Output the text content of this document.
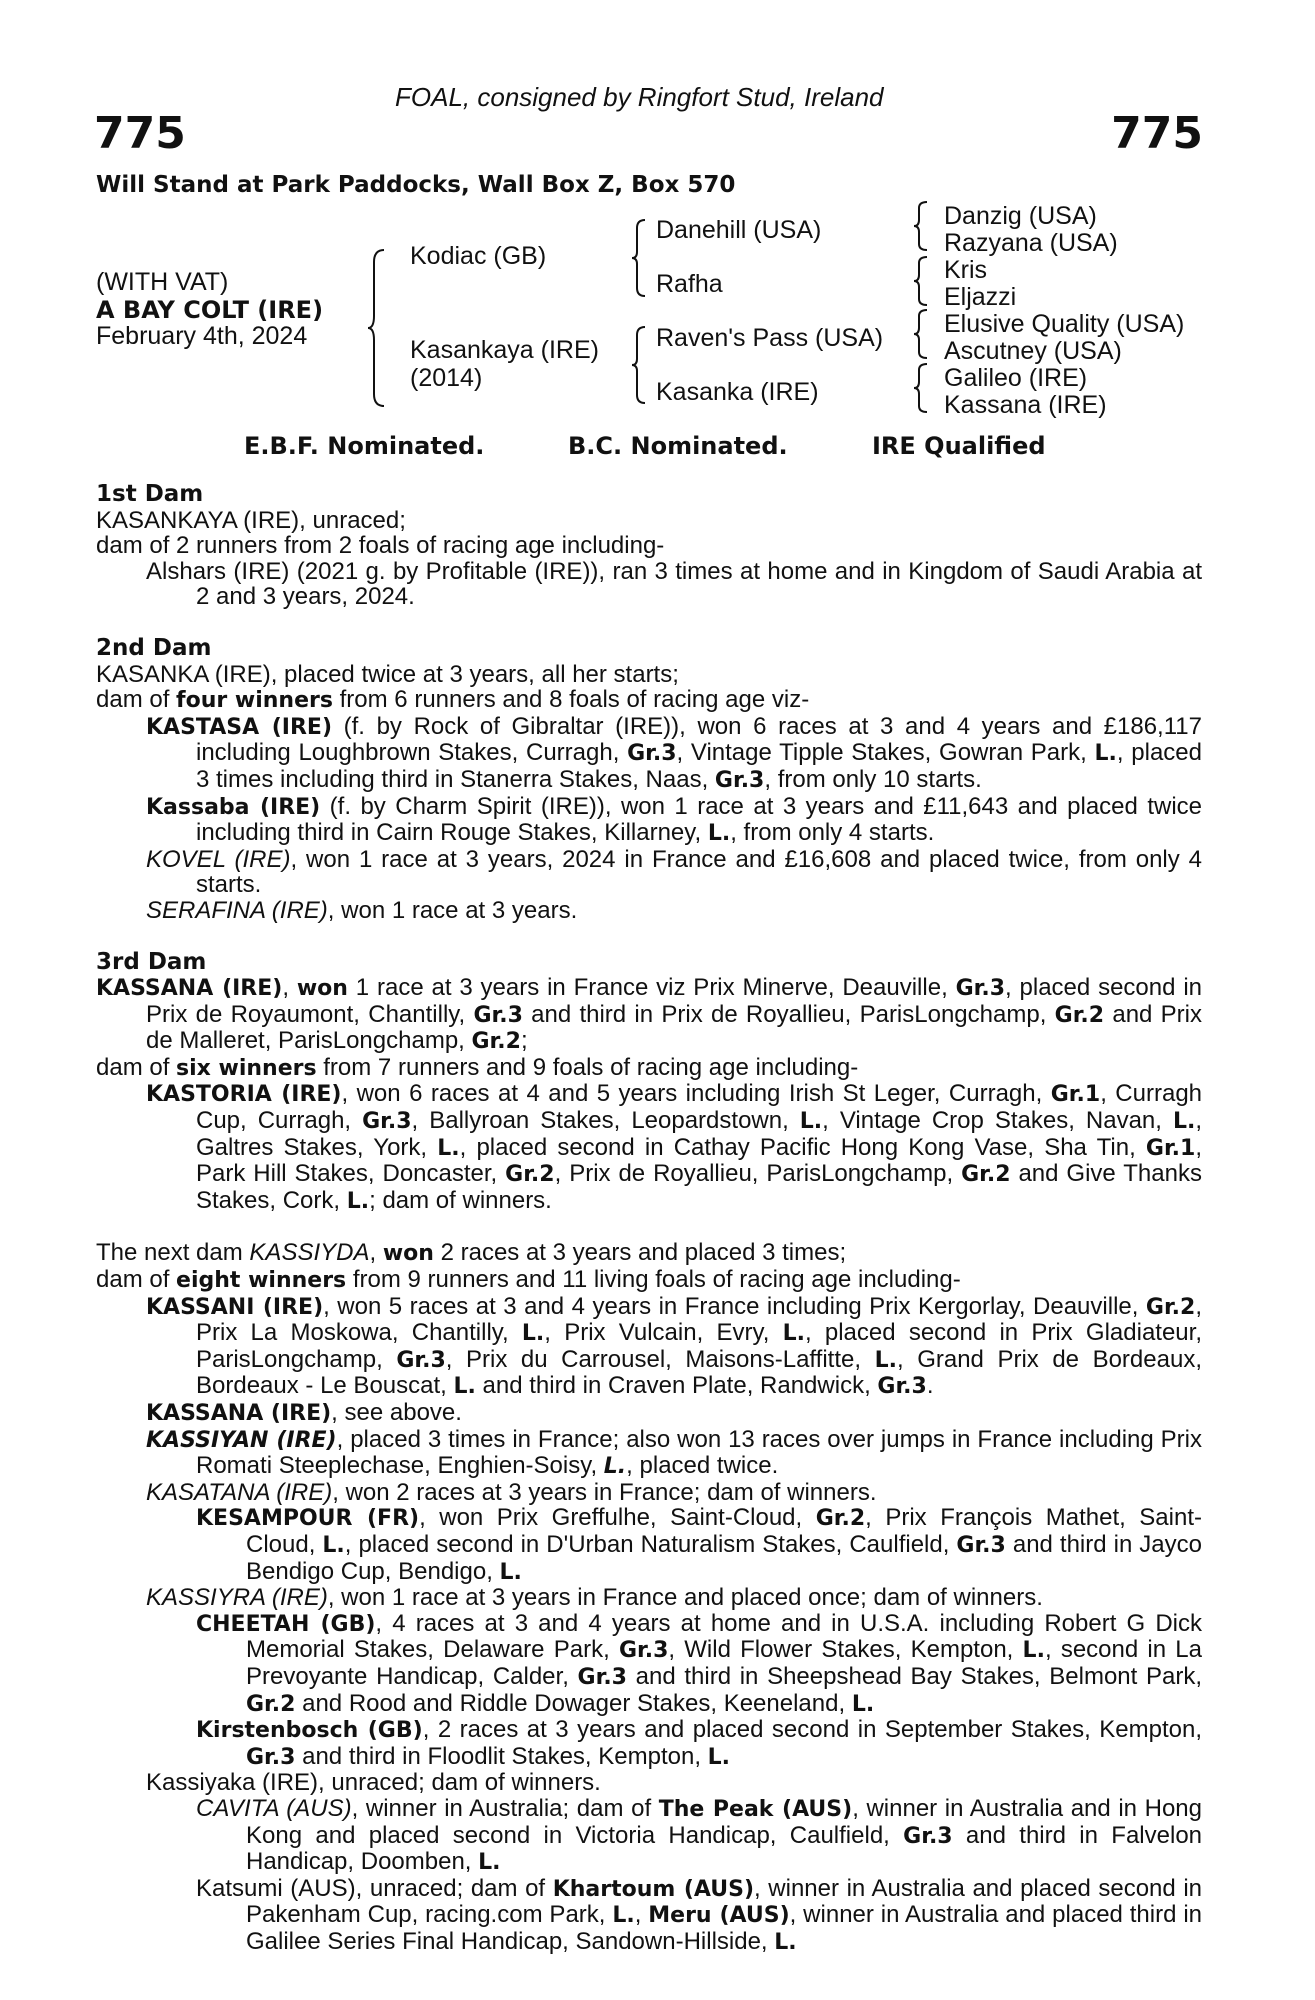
FOAL, consigned by Ringfort Stud, Ireland
775	775
Will Stand at Park Paddocks, Wall Box Z, Box 570
(WITH VAT)
A BAY COLT (IRE)
February 4th, 2024
Kodiac (GB)
Kasankaya (IRE)
(2014)
Danehill (USA)
Rafha
Raven's Pass (USA)
Kasanka (IRE)
Danzig (USA)
Razyana (USA)
Kris
Eljazzi
Elusive Quality (USA)
Ascutney (USA)
Galileo (IRE)
Kassana (IRE)
E.B.F. Nominated.	B.C. Nominated.	IRE Qualified

1st Dam

KASANKAYA (IRE), unraced;

dam of 2 runners from 2 foals of racing age including-

Alshars (IRE) (2021 g. by Profitable (IRE)), ran 3 times at home and in Kingdom of Saudi Arabia at 2 and 3 years, 2024.

2nd Dam

KASANKA (IRE), placed twice at 3 years, all her starts;

dam of four winners from 6 runners and 8 foals of racing age viz-

KASTASA (IRE) (f. by Rock of Gibraltar (IRE)), won 6 races at 3 and 4 years and £186,117 including Loughbrown Stakes, Curragh, Gr.3, Vintage Tipple Stakes, Gowran Park, L., placed 3 times including third in Stanerra Stakes, Naas, Gr.3, from only 10 starts.

Kassaba (IRE) (f. by Charm Spirit (IRE)), won 1 race at 3 years and £11,643 and placed twice including third in Cairn Rouge Stakes, Killarney, L., from only 4 starts.

KOVEL (IRE), won 1 race at 3 years, 2024 in France and £16,608 and placed twice, from only 4 starts.

SERAFINA (IRE), won 1 race at 3 years.

3rd Dam

KASSANA (IRE), won 1 race at 3 years in France viz Prix Minerve, Deauville, Gr.3, placed second in Prix de Royaumont, Chantilly, Gr.3 and third in Prix de Royallieu, ParisLongchamp, Gr.2 and Prix de Malleret, ParisLongchamp, Gr.2;

dam of six winners from 7 runners and 9 foals of racing age including-

KASTORIA (IRE), won 6 races at 4 and 5 years including Irish St Leger, Curragh, Gr.1, Curragh Cup, Curragh, Gr.3, Ballyroan Stakes, Leopardstown, L., Vintage Crop Stakes, Navan, L., Galtres Stakes, York, L., placed second in Cathay Pacific Hong Kong Vase, Sha Tin, Gr.1, Park Hill Stakes, Doncaster, Gr.2, Prix de Royallieu, ParisLongchamp, Gr.2 and Give Thanks Stakes, Cork, L.; dam of winners.

The next dam KASSIYDA, won 2 races at 3 years and placed 3 times;

dam of eight winners from 9 runners and 11 living foals of racing age including-

KASSANI (IRE), won 5 races at 3 and 4 years in France including Prix Kergorlay, Deauville, Gr.2, Prix La Moskowa, Chantilly, L., Prix Vulcain, Evry, L., placed second in Prix Gladiateur, ParisLongchamp, Gr.3, Prix du Carrousel, Maisons-Laffitte, L., Grand Prix de Bordeaux, Bordeaux - Le Bouscat, L. and third in Craven Plate, Randwick, Gr.3.

KASSANA (IRE), see above.

KASSIYAN (IRE), placed 3 times in France; also won 13 races over jumps in France including Prix Romati Steeplechase, Enghien-Soisy, L., placed twice.

KASATANA (IRE), won 2 races at 3 years in France; dam of winners.

KESAMPOUR (FR), won Prix Greffulhe, Saint-Cloud, Gr.2, Prix François Mathet, Saint-Cloud, L., placed second in D'Urban Naturalism Stakes, Caulfield, Gr.3 and third in Jayco Bendigo Cup, Bendigo, L.

KASSIYRA (IRE), won 1 race at 3 years in France and placed once; dam of winners.

CHEETAH (GB), 4 races at 3 and 4 years at home and in U.S.A. including Robert G Dick Memorial Stakes, Delaware Park, Gr.3, Wild Flower Stakes, Kempton, L., second in La Prevoyante Handicap, Calder, Gr.3 and third in Sheepshead Bay Stakes, Belmont Park, Gr.2 and Rood and Riddle Dowager Stakes, Keeneland, L.

Kirstenbosch (GB), 2 races at 3 years and placed second in September Stakes, Kempton, Gr.3 and third in Floodlit Stakes, Kempton, L.

Kassiyaka (IRE), unraced; dam of winners.

CAVITA (AUS), winner in Australia; dam of The Peak (AUS), winner in Australia and in Hong Kong and placed second in Victoria Handicap, Caulfield, Gr.3 and third in Falvelon Handicap, Doomben, L.

Katsumi (AUS), unraced; dam of Khartoum (AUS), winner in Australia and placed second in Pakenham Cup, racing.com Park, L., Meru (AUS), winner in Australia and placed third in Galilee Series Final Handicap, Sandown-Hillside, L.
